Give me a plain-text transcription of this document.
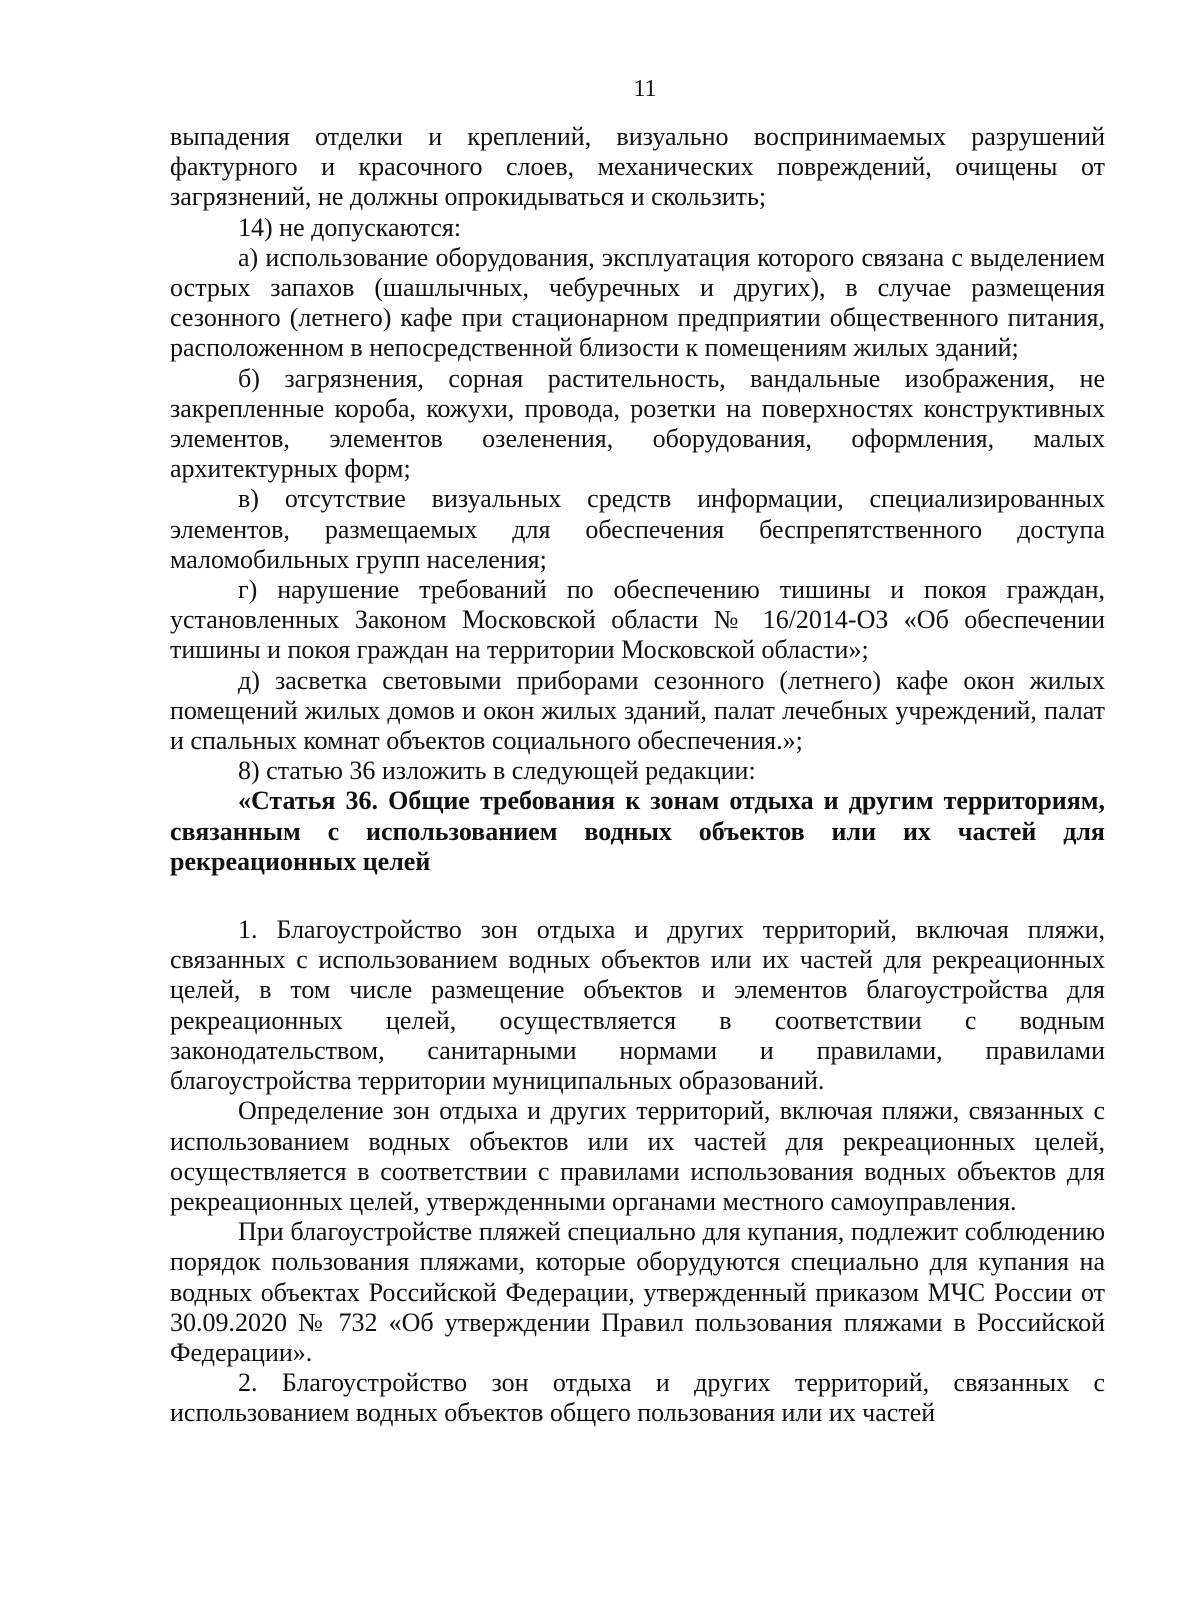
11

выпадения отделки и креплений, визуально воспринимаемых разрушений фактурного и красочного слоев, механических повреждений, очищены от загрязнений, не должны опрокидываться и скользить;

14) не допускаются:

а) использование оборудования, эксплуатация которого связана с выделением острых запахов (шашлычных, чебуречных и других), в случае размещения сезонного (летнего) кафе при стационарном предприятии общественного питания, расположенном в непосредственной близости к помещениям жилых зданий;

б) загрязнения, сорная растительность, вандальные изображения, не закрепленные короба, кожухи, провода, розетки на поверхностях конструктивных элементов, элементов озеленения, оборудования, оформления, малых архитектурных форм;

в) отсутствие визуальных средств информации, специализированных элементов, размещаемых для обеспечения беспрепятственного доступа маломобильных групп населения;

г) нарушение требований по обеспечению тишины и покоя граждан, установленных Законом Московской области № 16/2014-ОЗ «Об обеспечении тишины и покоя граждан на территории Московской области»;

д) засветка световыми приборами сезонного (летнего) кафе окон жилых помещений жилых домов и окон жилых зданий, палат лечебных учреждений, палат и спальных комнат объектов социального обеспечения.»;

8) статью 36 изложить в следующей редакции:

«Статья 36. Общие требования к зонам отдыха и другим территориям, связанным с использованием водных объектов или их частей для рекреационных целей

1. Благоустройство зон отдыха и других территорий, включая пляжи, связанных с использованием водных объектов или их частей для рекреационных целей, в том числе размещение объектов и элементов благоустройства для рекреационных целей, осуществляется в соответствии с водным законодательством, санитарными нормами и правилами, правилами благоустройства территории муниципальных образований.

Определение зон отдыха и других территорий, включая пляжи, связанных с использованием водных объектов или их частей для рекреационных целей, осуществляется в соответствии с правилами использования водных объектов для рекреационных целей, утвержденными органами местного самоуправления.

При благоустройстве пляжей специально для купания, подлежит соблюдению порядок пользования пляжами, которые оборудуются специально для купания на водных объектах Российской Федерации, утвержденный приказом МЧС России от 30.09.2020 № 732 «Об утверждении Правил пользования пляжами в Российской Федерации».

2. Благоустройство зон отдыха и других территорий, связанных с использованием водных объектов общего пользования или их частей
